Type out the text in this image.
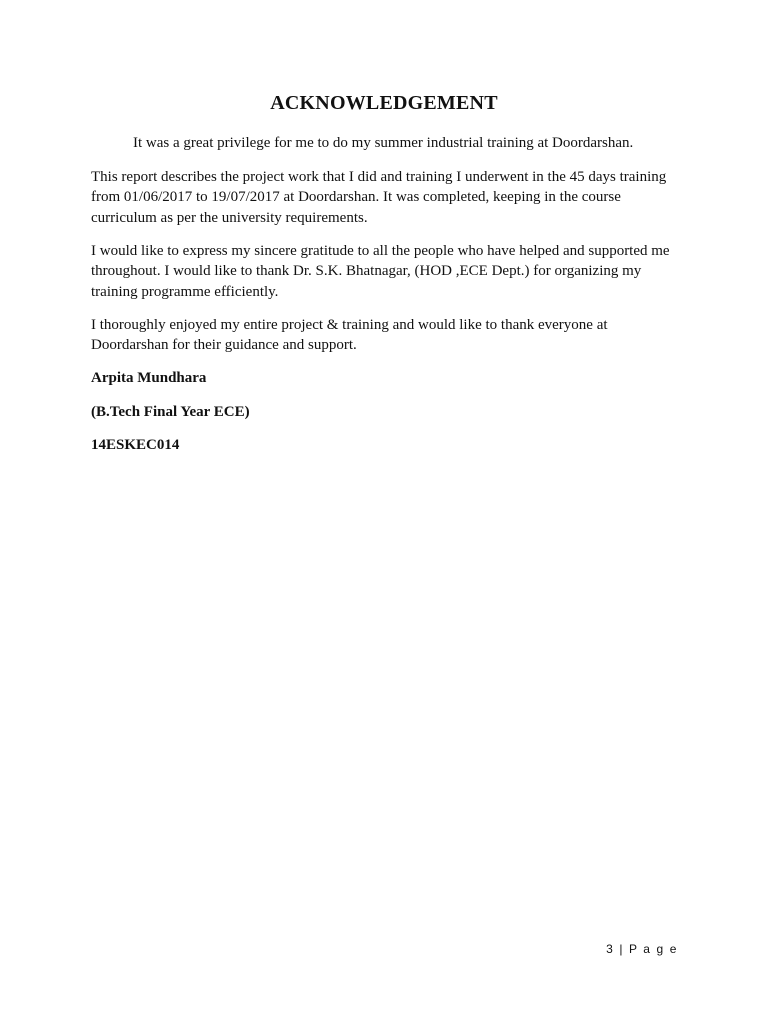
ACKNOWLEDGEMENT

It was a great privilege for me to do my summer industrial training at Doordarshan.

This report describes the project work that I did and training I underwent in the 45 days training from 01/06/2017 to 19/07/2017 at Doordarshan. It was completed, keeping in the course curriculum as per the university requirements.

I would like to express my sincere gratitude to all the people who have helped and supported me throughout. I would like to thank Dr. S.K. Bhatnagar, (HOD ,ECE Dept.) for organizing my training programme efficiently.

I thoroughly enjoyed my entire project & training and would like to thank everyone at Doordarshan for their guidance and support.

Arpita Mundhara

(B.Tech Final Year ECE)

14ESKEC014

3 | P a g e
